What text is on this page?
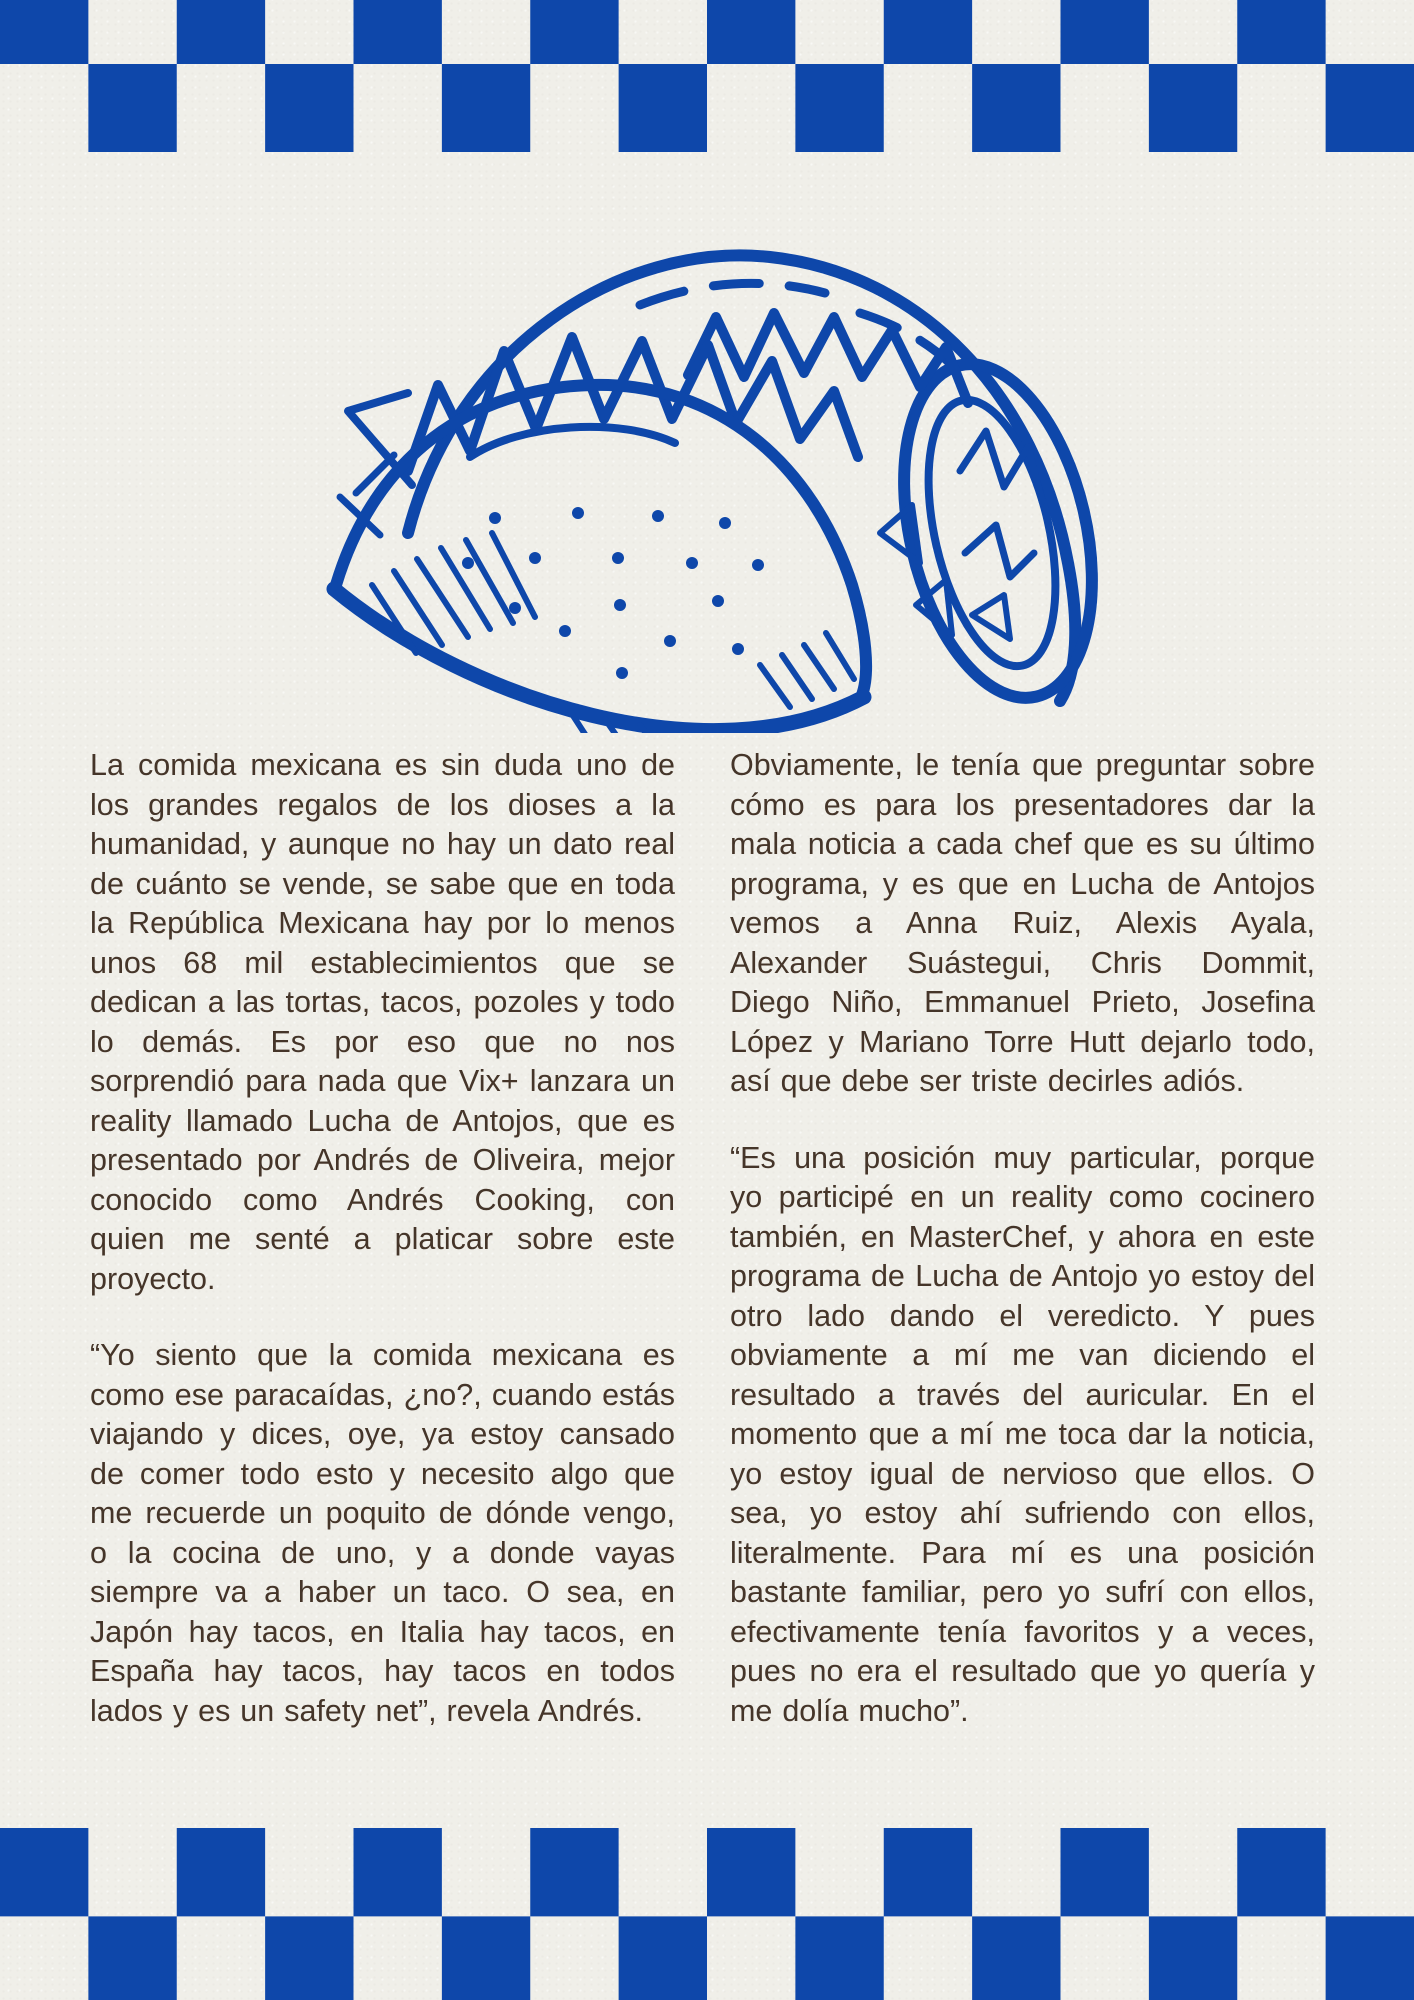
La comida mexicana es sin duda uno de los grandes regalos de los dioses a la humanidad, y aunque no hay un dato real de cuánto se vende, se sabe que en toda la República Mexicana hay por lo menos unos 68 mil establecimientos que se dedican a las tortas, tacos, pozoles y todo lo demás. Es por eso que no nos sorprendió para nada que Vix+ lanzara un reality llamado Lucha de Antojos, que es presentado por Andrés de Oliveira, mejor conocido como Andrés Cooking, con quien me senté a platicar sobre este proyecto.

“Yo siento que la comida mexicana es como ese paracaídas, ¿no?, cuando estás viajando y dices, oye, ya estoy cansado de comer todo esto y necesito algo que me recuerde un poquito de dónde vengo, o la cocina de uno, y a donde vayas siempre va a haber un taco. O sea, en Japón hay tacos, en Italia hay tacos, en España hay tacos, hay tacos en todos lados y es un safety net”, revela Andrés.

Obviamente, le tenía que preguntar sobre cómo es para los presentadores dar la mala noticia a cada chef que es su último programa, y es que en Lucha de Antojos vemos a Anna Ruiz, Alexis Ayala, Alexander Suástegui, Chris Dommit, Diego Niño, Emmanuel Prieto, Josefina López y Mariano Torre Hutt dejarlo todo, así que debe ser triste decirles adiós.

“Es una posición muy particular, porque yo participé en un reality como cocinero también, en MasterChef, y ahora en este programa de Lucha de Antojo yo estoy del otro lado dando el veredicto. Y pues obviamente a mí me van diciendo el resultado a través del auricular. En el momento que a mí me toca dar la noticia, yo estoy igual de nervioso que ellos. O sea, yo estoy ahí sufriendo con ellos, literalmente. Para mí es una posición bastante familiar, pero yo sufrí con ellos, efectivamente tenía favoritos y a veces, pues no era el resultado que yo quería y me dolía mucho”.
